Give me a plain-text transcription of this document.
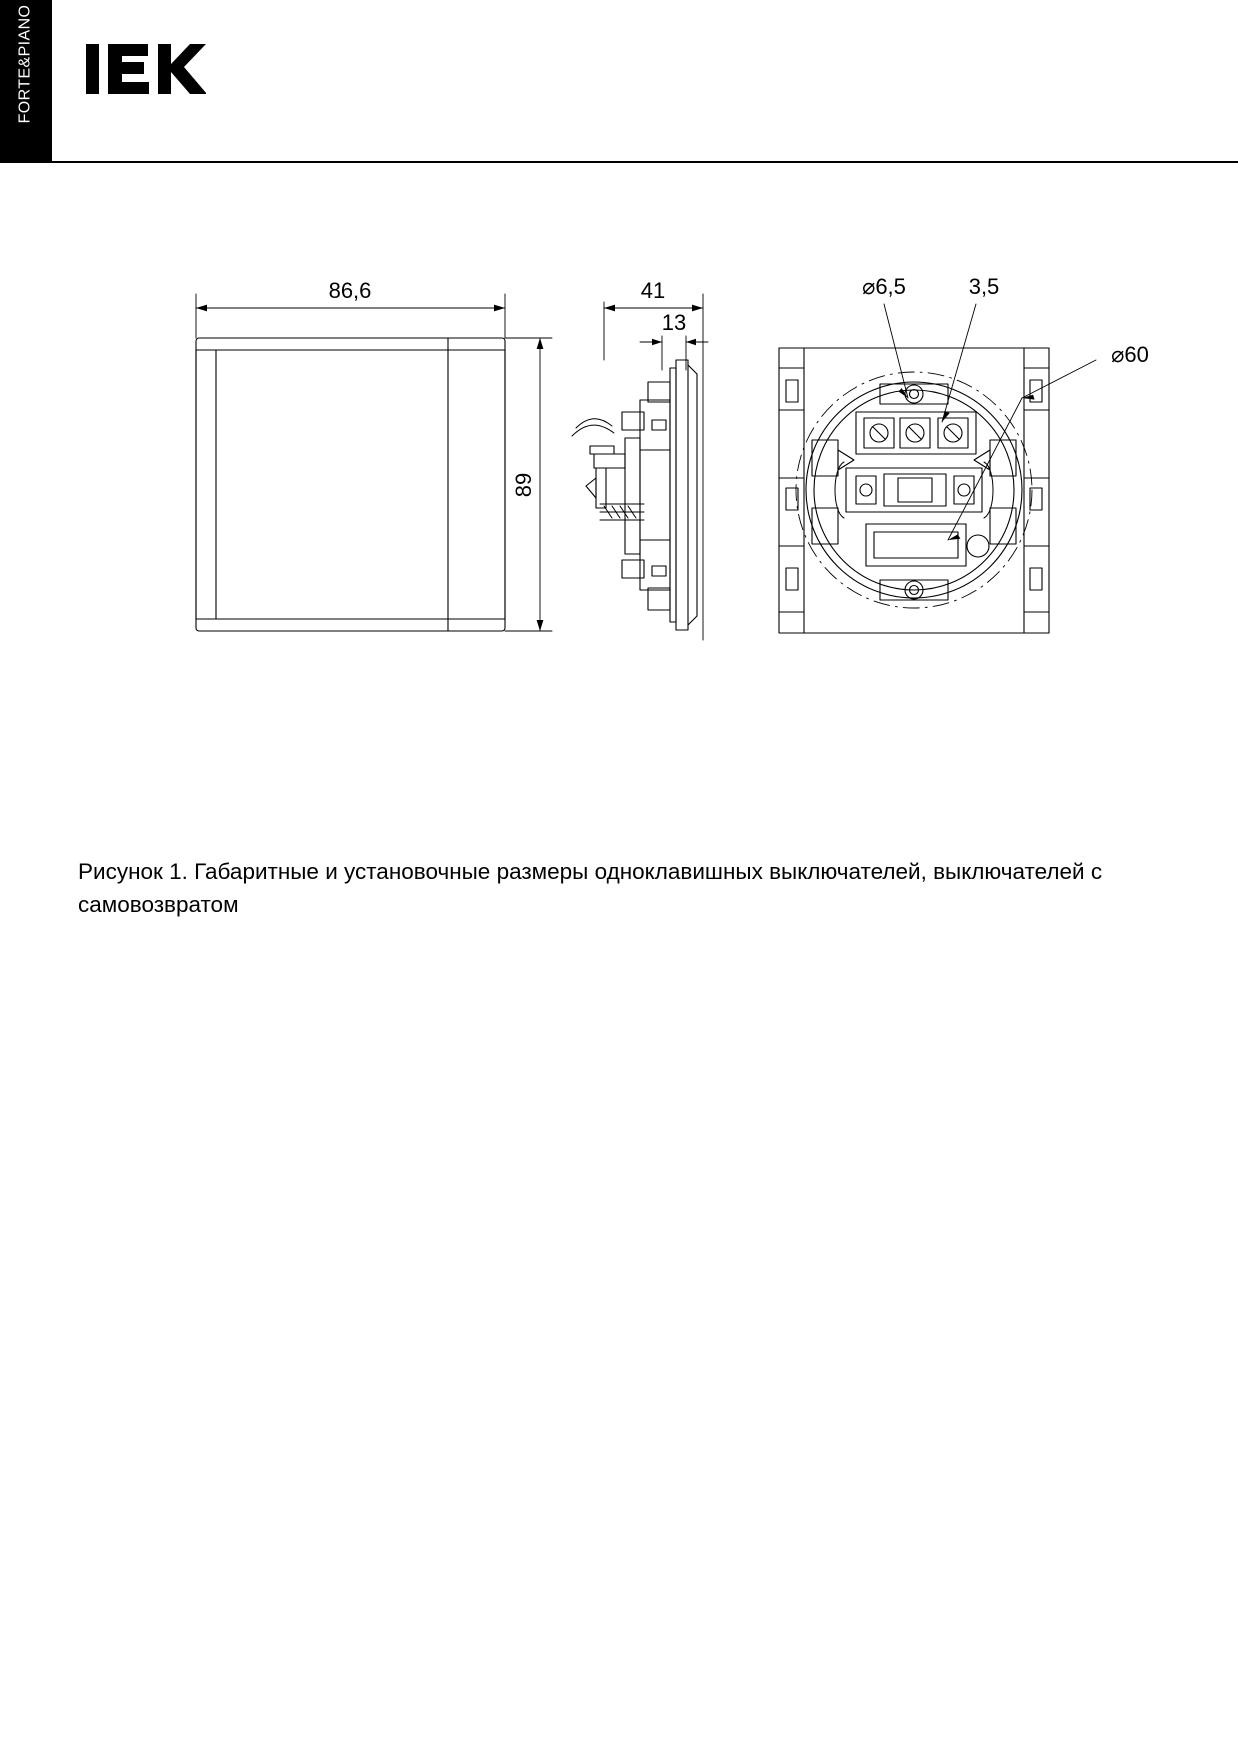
FORTE&PIANO
86,6
89
41
13
⌀6,5	3,5
⌀60
Рисунок 1. Габаритные и установочные размеры одноклавишных выключателей, выключателей с самовозвратом
